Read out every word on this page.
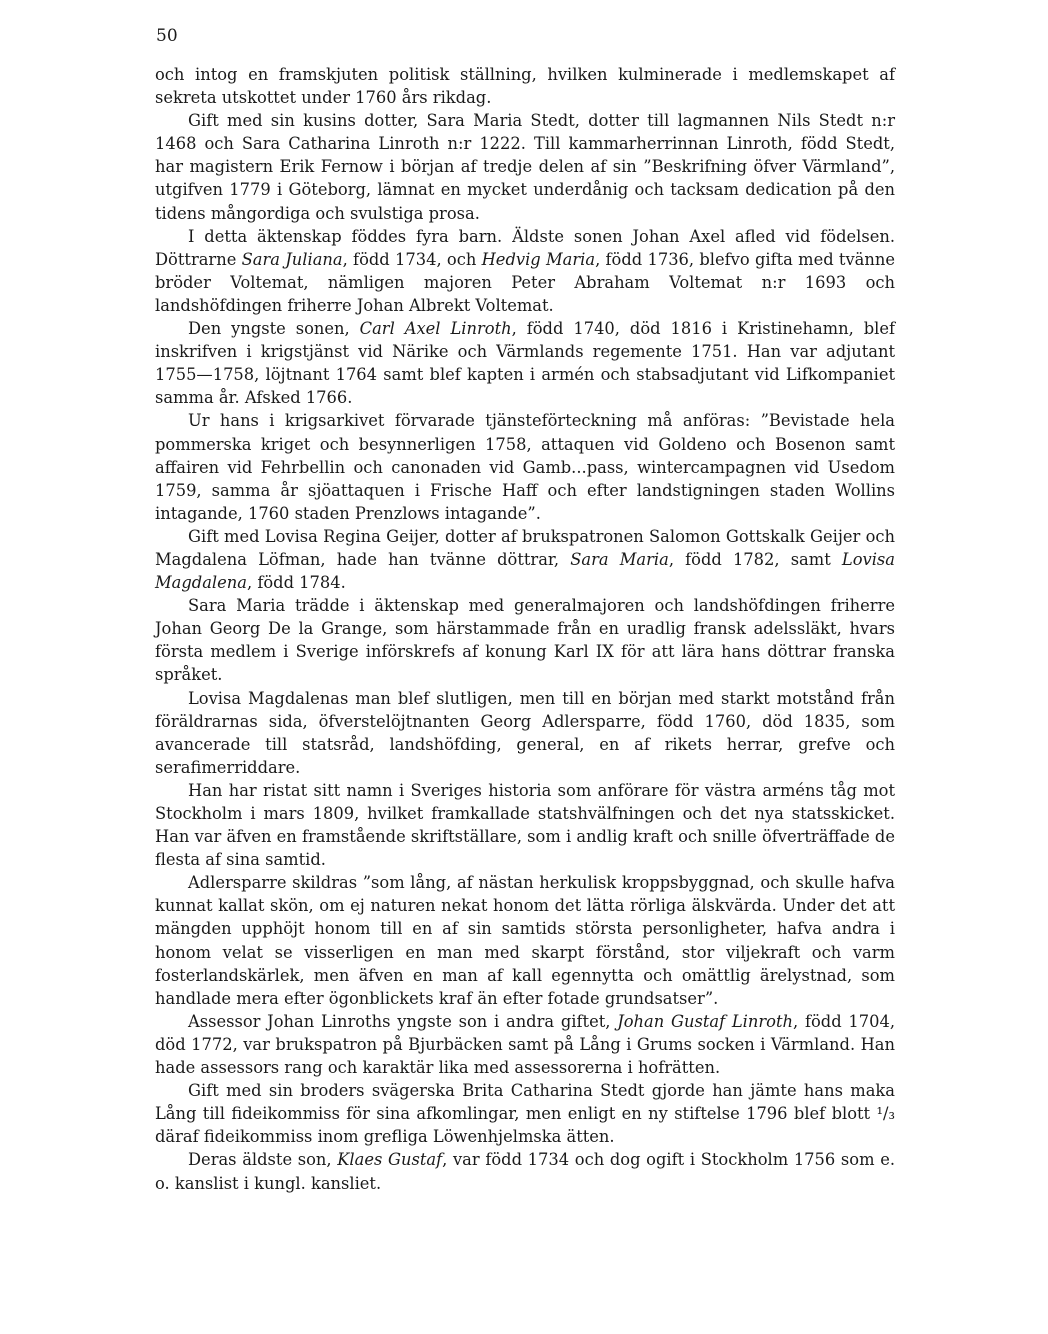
50

och intog en framskjuten politisk ställning, hvilken kulminerade i medlemskapet af sekreta utskottet under 1760 års rikdag.

Gift med sin kusins dotter, Sara Maria Stedt, dotter till lagmannen Nils Stedt n:r 1468 och Sara Catharina Linroth n:r 1222. Till kammarherrinnan Linroth, född Stedt, har magistern Erik Fernow i början af tredje delen af sin ”Beskrifning öfver Värmland”, utgifven 1779 i Göteborg, lämnat en mycket underdånig och tacksam dedication på den tidens mångordiga och svulstiga prosa.

I detta äktenskap föddes fyra barn. Äldste sonen Johan Axel afled vid födelsen. Döttrarne Sara Juliana, född 1734, och Hedvig Maria, född 1736, blefvo gifta med tvänne bröder Voltemat, nämligen majoren Peter Abraham Voltemat n:r 1693 och landshöfdingen friherre Johan Albrekt Voltemat.

Den yngste sonen, Carl Axel Linroth, född 1740, död 1816 i Kristinehamn, blef inskrifven i krigstjänst vid Närike och Värmlands regemente 1751. Han var adjutant 1755—1758, löjtnant 1764 samt blef kapten i armén och stabsadjutant vid Lifkompaniet samma år. Afsked 1766.

Ur hans i krigsarkivet förvarade tjänsteförteckning må anföras: ”Bevistade hela pommerska kriget och besynnerligen 1758, attaquen vid Goldeno och Bosenon samt affairen vid Fehrbellin och canonaden vid Gamb...pass, wintercampagnen vid Usedom 1759, samma år sjöattaquen i Frische Haff och efter landstigningen staden Wollins intagande, 1760 staden Prenzlows intagande”.

Gift med Lovisa Regina Geijer, dotter af brukspatronen Salomon Gottskalk Geijer och Magdalena Löfman, hade han tvänne döttrar, Sara Maria, född 1782, samt Lovisa Magdalena, född 1784.

Sara Maria trädde i äktenskap med generalmajoren och landshöfdingen friherre Johan Georg De la Grange, som härstammade från en uradlig fransk adelssläkt, hvars första medlem i Sverige införskrefs af konung Karl IX för att lära hans döttrar franska språket.

Lovisa Magdalenas man blef slutligen, men till en början med starkt motstånd från föräldrarnas sida, öfverstelöjtnanten Georg Adlersparre, född 1760, död 1835, som avancerade till statsråd, landshöfding, general, en af rikets herrar, grefve och serafimerriddare.

Han har ristat sitt namn i Sveriges historia som anförare för västra arméns tåg mot Stockholm i mars 1809, hvilket framkallade statshvälfningen och det nya statsskicket. Han var äfven en framstående skriftställare, som i andlig kraft och snille öfverträffade de flesta af sina samtid.

Adlersparre skildras ”som lång, af nästan herkulisk kroppsbyggnad, och skulle hafva kunnat kallat skön, om ej naturen nekat honom det lätta rörliga älskvärda. Under det att mängden upphöjt honom till en af sin samtids största personligheter, hafva andra i honom velat se visserligen en man med skarpt förstånd, stor viljekraft och varm fosterlandskärlek, men äfven en man af kall egennytta och omättlig ärelystnad, som handlade mera efter ögonblickets kraf än efter fotade grundsatser”.

Assessor Johan Linroths yngste son i andra giftet, Johan Gustaf Linroth, född 1704, död 1772, var brukspatron på Bjurbäcken samt på Lång i Grums socken i Värmland. Han hade assessors rang och karaktär lika med assessorerna i hofrätten.

Gift med sin broders svägerska Brita Catharina Stedt gjorde han jämte hans maka Lång till fideikommiss för sina afkomlingar, men enligt en ny stiftelse 1796 blef blott ¹/₃ däraf fideikommiss inom grefliga Löwenhjelmska ätten.

Deras äldste son, Klaes Gustaf, var född 1734 och dog ogift i Stockholm 1756 som e. o. kanslist i kungl. kansliet.
